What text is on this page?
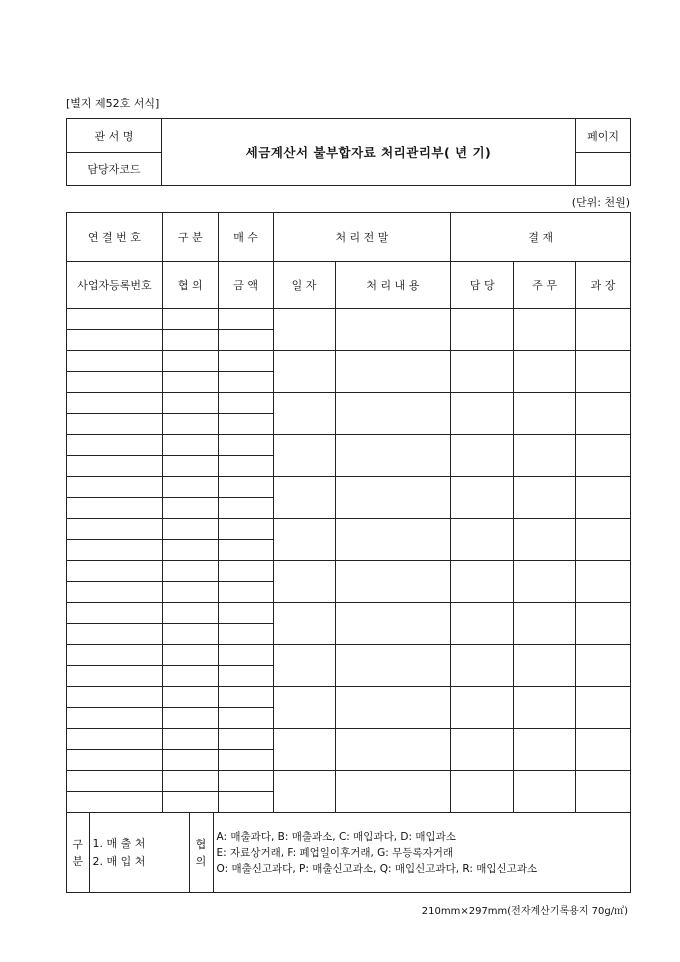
[별지 제52호 서식]
관 서 명	세금계산서 불부합자료 처리관리부( 년 기)	페이지
담당자코드		
(단위: 천원)
연 결 번 호	구 분	매 수	처 리 전 말	결 재
사업자등록번호	협 의	금 액	일 자	처 리 내 용	담 당	주 무	과 장

구 분	
1. 매 출 처
2. 매 입 처
	협 의	
A: 매출과다, B: 매출과소, C: 매입과다, D: 매입과소
E: 자료상거래, F: 폐업일이후거래, G: 무등록자거래
O: 매출신고과다, P: 매출신고과소, Q: 매입신고과다, R: 매입신고과소
210mm×297mm(전자계산기록용지 70g/㎡)
